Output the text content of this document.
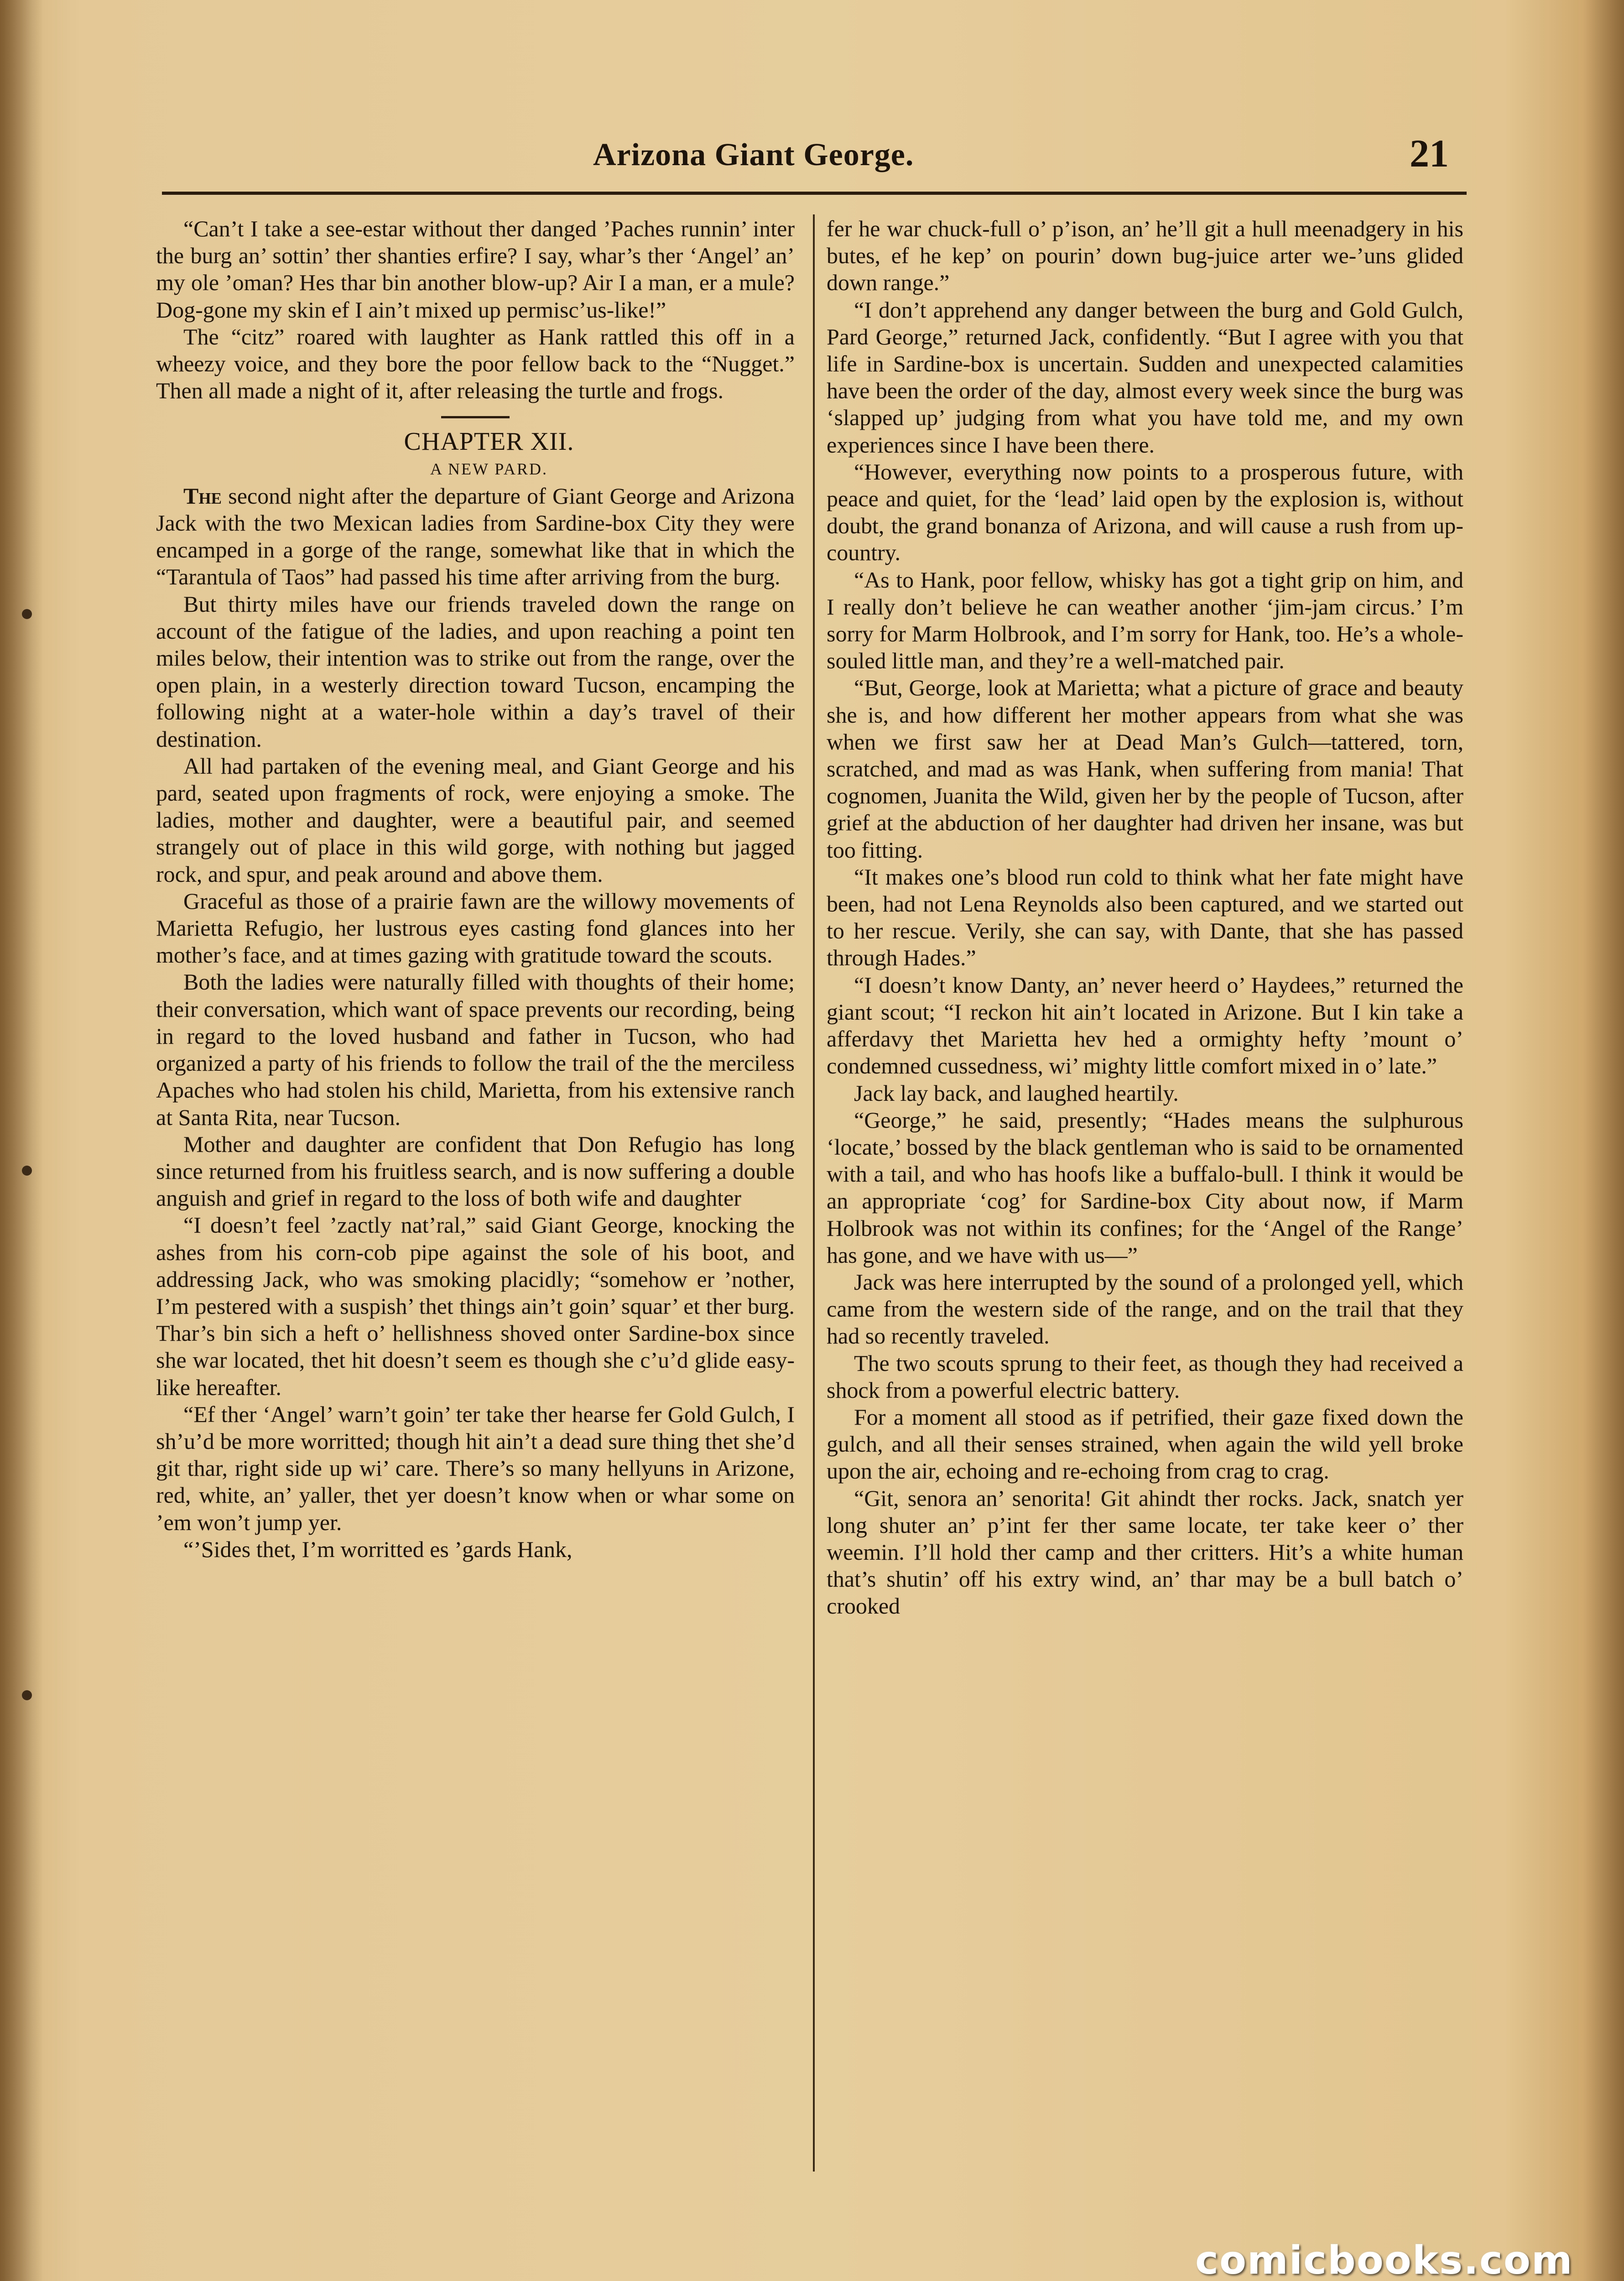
Arizona Giant George.	21

“Can’t I take a see-estar without ther danged ’Paches runnin’ inter the burg an’ sottin’ ther shanties erfire? I say, whar’s ther ‘Angel’ an’ my ole ’oman? Hes thar bin another blow-up? Air I a man, er a mule? Dog-gone my skin ef I ain’t mixed up permisc’us-like!”

The “citz” roared with laughter as Hank rattled this off in a wheezy voice, and they bore the poor fellow back to the “Nugget.” Then all made a night of it, after releasing the turtle and frogs.

CHAPTER XII.

A NEW PARD.

The second night after the departure of Giant George and Arizona Jack with the two Mexican ladies from Sardine-box City they were encamped in a gorge of the range, somewhat like that in which the “Tarantula of Taos” had passed his time after arriving from the burg.

But thirty miles have our friends traveled down the range on account of the fatigue of the ladies, and upon reaching a point ten miles below, their intention was to strike out from the range, over the open plain, in a westerly direction toward Tucson, encamping the following night at a water-hole within a day’s travel of their destination.

All had partaken of the evening meal, and Giant George and his pard, seated upon fragments of rock, were enjoying a smoke. The ladies, mother and daughter, were a beautiful pair, and seemed strangely out of place in this wild gorge, with nothing but jagged rock, and spur, and peak around and above them.

Graceful as those of a prairie fawn are the willowy movements of Marietta Refugio, her lustrous eyes casting fond glances into her mother’s face, and at times gazing with gratitude toward the scouts.

Both the ladies were naturally filled with thoughts of their home; their conversation, which want of space prevents our recording, being in regard to the loved husband and father in Tucson, who had organized a party of his friends to follow the trail of the the merciless Apaches who had stolen his child, Marietta, from his extensive ranch at Santa Rita, near Tucson.

Mother and daughter are confident that Don Refugio has long since returned from his fruitless search, and is now suffering a double anguish and grief in regard to the loss of both wife and daughter

“I doesn’t feel ’zactly nat’ral,” said Giant George, knocking the ashes from his corn-cob pipe against the sole of his boot, and addressing Jack, who was smoking placidly; “somehow er ’nother, I’m pestered with a suspish’ thet things ain’t goin’ squar’ et ther burg. Thar’s bin sich a heft o’ hellishness shoved onter Sardine-box since she war located, thet hit doesn’t seem es though she c’u’d glide easy-like hereafter.

“Ef ther ‘Angel’ warn’t goin’ ter take ther hearse fer Gold Gulch, I sh’u’d be more worritted; though hit ain’t a dead sure thing thet she’d git thar, right side up wi’ care. There’s so many hellyuns in Arizone, red, white, an’ yaller, thet yer doesn’t know when or whar some on ’em won’t jump yer.

“’Sides thet, I’m worritted es ’gards Hank,

fer he war chuck-full o’ p’ison, an’ he’ll git a hull meenadgery in his butes, ef he kep’ on pourin’ down bug-juice arter we-’uns glided down range.”

“I don’t apprehend any danger between the burg and Gold Gulch, Pard George,” returned Jack, confidently. “But I agree with you that life in Sardine-box is uncertain. Sudden and unexpected calamities have been the order of the day, almost every week since the burg was ‘slapped up’ judging from what you have told me, and my own experiences since I have been there.

“However, everything now points to a prosperous future, with peace and quiet, for the ‘lead’ laid open by the explosion is, without doubt, the grand bonanza of Arizona, and will cause a rush from up-country.

“As to Hank, poor fellow, whisky has got a tight grip on him, and I really don’t believe he can weather another ‘jim-jam circus.’ I’m sorry for Marm Holbrook, and I’m sorry for Hank, too. He’s a whole-souled little man, and they’re a well-matched pair.

“But, George, look at Marietta; what a picture of grace and beauty she is, and how different her mother appears from what she was when we first saw her at Dead Man’s Gulch—tattered, torn, scratched, and mad as was Hank, when suffering from mania! That cognomen, Juanita the Wild, given her by the people of Tucson, after grief at the abduction of her daughter had driven her insane, was but too fitting.

“It makes one’s blood run cold to think what her fate might have been, had not Lena Reynolds also been captured, and we started out to her rescue. Verily, she can say, with Dante, that she has passed through Hades.”

“I doesn’t know Danty, an’ never heerd o’ Haydees,” returned the giant scout; “I reckon hit ain’t located in Arizone. But I kin take a afferdavy thet Marietta hev hed a ormighty hefty ’mount o’ condemned cussedness, wi’ mighty little comfort mixed in o’ late.”

Jack lay back, and laughed heartily.

“George,” he said, presently; “Hades means the sulphurous ‘locate,’ bossed by the black gentleman who is said to be ornamented with a tail, and who has hoofs like a buffalo-bull. I think it would be an appropriate ‘cog’ for Sardine-box City about now, if Marm Holbrook was not within its confines; for the ‘Angel of the Range’ has gone, and we have with us—”

Jack was here interrupted by the sound of a prolonged yell, which came from the western side of the range, and on the trail that they had so recently traveled.

The two scouts sprung to their feet, as though they had received a shock from a powerful electric battery.

For a moment all stood as if petrified, their gaze fixed down the gulch, and all their senses strained, when again the wild yell broke upon the air, echoing and re-echoing from crag to crag.

“Git, senora an’ senorita! Git ahindt ther rocks. Jack, snatch yer long shuter an’ p’int fer ther same locate, ter take keer o’ ther weemin. I’ll hold ther camp and ther critters. Hit’s a white human that’s shutin’ off his extry wind, an’ thar may be a bull batch o’ crooked

comicbooks.com
